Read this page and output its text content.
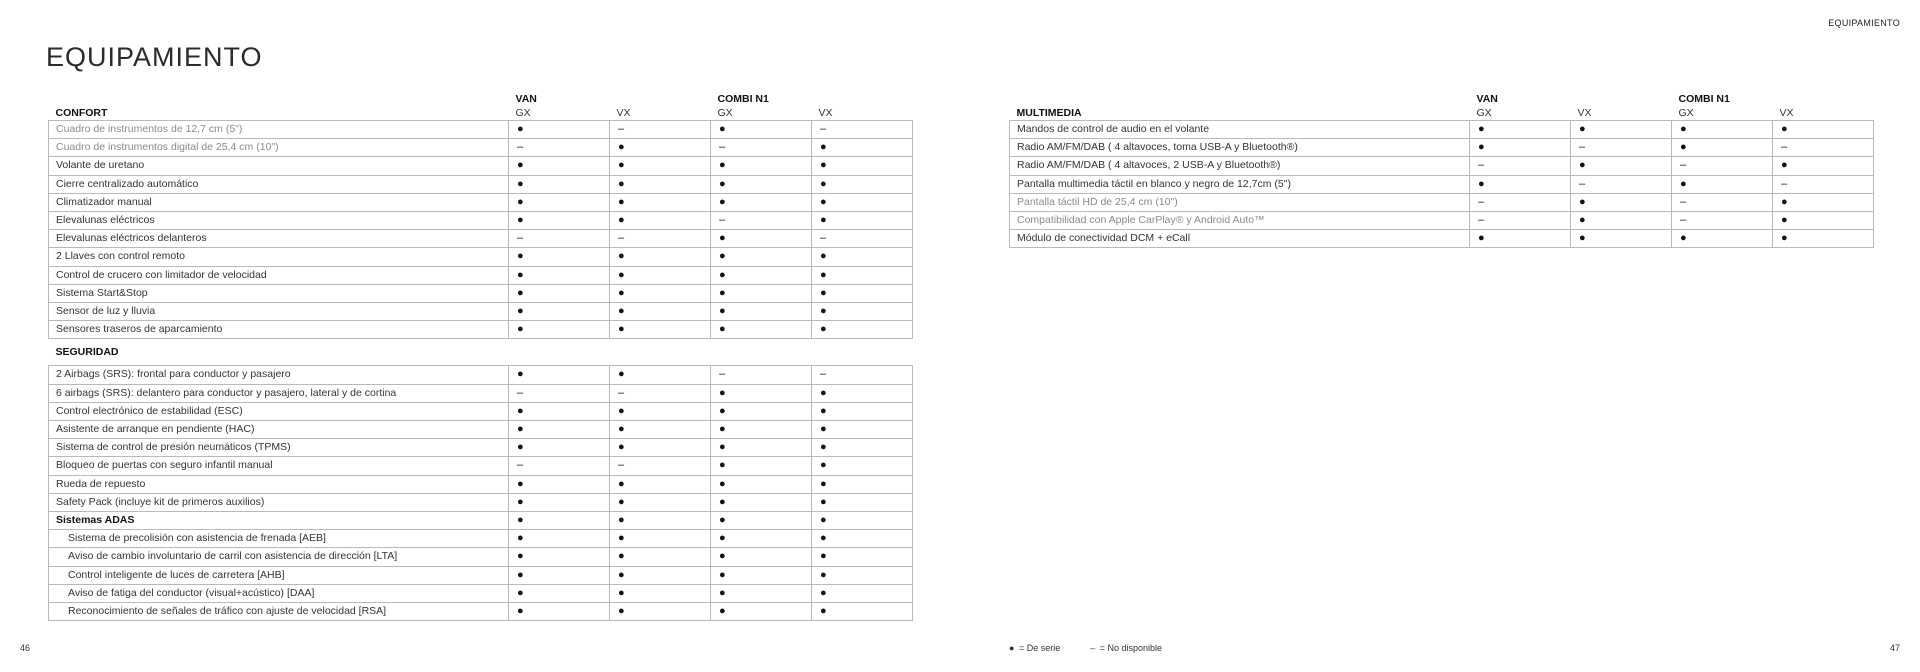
EQUIPAMIENTO
EQUIPAMIENTO
	VAN		COMBI N1	
CONFORT	GX	VX	GX	VX
Cuadro de instrumentos de 12,7 cm (5")	●	–	●	–
Cuadro de instrumentos digital de 25,4 cm (10")	–	●	–	●
Volante de uretano	●	●	●	●
Cierre centralizado automático	●	●	●	●
Climatizador manual	●	●	●	●
Elevalunas eléctricos	●	●	–	●
Elevalunas eléctricos delanteros	–	–	●	–
2 Llaves con control remoto	●	●	●	●
Control de crucero con limitador de velocidad	●	●	●	●
Sistema Start&Stop	●	●	●	●
Sensor de luz y lluvia	●	●	●	●
Sensores traseros de aparcamiento	●	●	●	●
SEGURIDAD				
2 Airbags (SRS): frontal para conductor y pasajero	●	●	–	–
6 airbags (SRS): delantero para conductor y pasajero, lateral y de cortina	–	–	●	●
Control electrónico de estabilidad (ESC)	●	●	●	●
Asistente de arranque en pendiente (HAC)	●	●	●	●
Sistema de control de presión neumáticos (TPMS)	●	●	●	●
Bloqueo de puertas con seguro infantil manual	–	–	●	●
Rueda de repuesto	●	●	●	●
Safety Pack (incluye kit de primeros auxilios)	●	●	●	●
Sistemas ADAS	●	●	●	●
Sistema de precolisión con asistencia de frenada [AEB]	●	●	●	●
Aviso de cambio involuntario de carril con asistencia de dirección [LTA]	●	●	●	●
Control inteligente de luces de carretera [AHB]	●	●	●	●
Aviso de fatiga del conductor (visual+acústico) [DAA]	●	●	●	●
Reconocimiento de señales de tráfico con ajuste de velocidad [RSA]	●	●	●	●
	VAN		COMBI N1	
MULTIMEDIA	GX	VX	GX	VX
Mandos de control de audio en el volante	●	●	●	●
Radio AM/FM/DAB ( 4 altavoces, toma USB-A y Bluetooth®)	●	–	●	–
Radio AM/FM/DAB ( 4 altavoces, 2 USB-A y Bluetooth®)	–	●	–	●
Pantalla multimedia táctil en blanco y negro de 12,7cm (5")	●	–	●	–
Pantalla táctil HD de 25,4 cm (10")	–	●	–	●
Compatibilidad con Apple CarPlay® y Android Auto™	–	●	–	●
Módulo de conectividad DCM + eCall	●	●	●	●
46	● = De serie	– = No disponible	47
